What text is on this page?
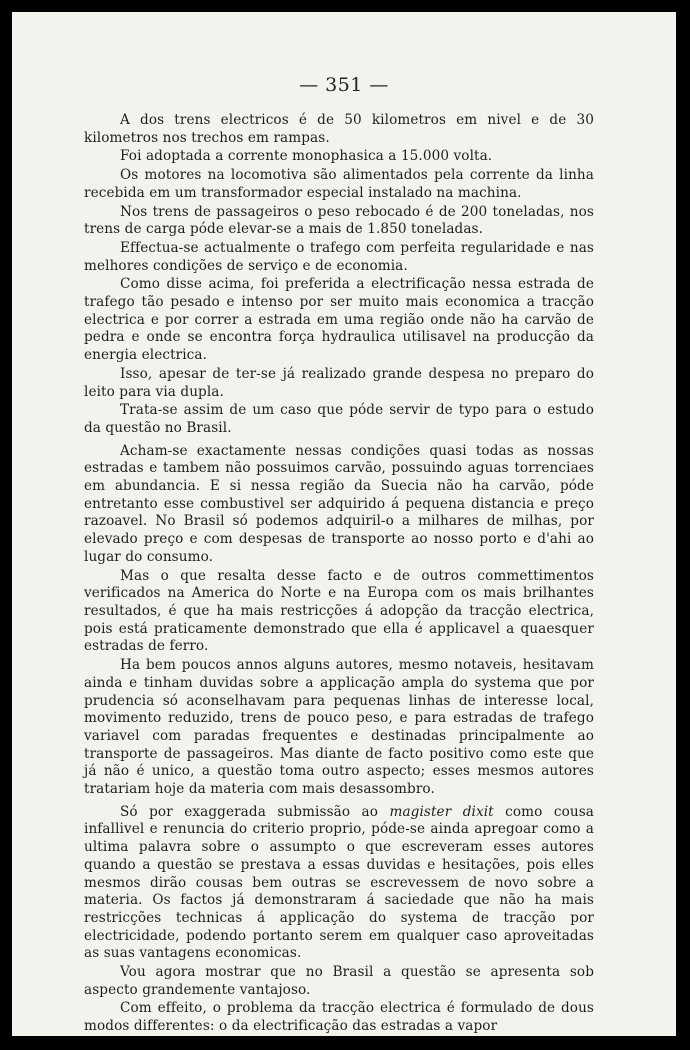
— 351 —

A dos trens electricos é de 50 kilometros em nivel e de 30 kilometros nos trechos em rampas.

Foi adoptada a corrente monophasica a 15.000 volta.

Os motores na locomotiva são alimentados pela corrente da linha recebida em um transformador especial instalado na machina.

Nos trens de passageiros o peso rebocado é de 200 toneladas, nos trens de carga póde elevar-se a mais de 1.850 toneladas.

Effectua-se actualmente o trafego com perfeita regularidade e nas melhores condições de serviço e de economia.

Como disse acima, foi preferida a electrificação nessa estrada de trafego tão pesado e intenso por ser muito mais economica a tracção electrica e por correr a estrada em uma região onde não ha carvão de pedra e onde se encontra força hydraulica utilisavel na producção da energia electrica.

Isso, apesar de ter-se já realizado grande despesa no preparo do leito para via dupla.

Trata-se assim de um caso que póde servir de typo para o estudo da questão no Brasil.

Acham-se exactamente nessas condições quasi todas as nossas estradas e tambem não possuimos carvão, possuindo aguas torrenciaes em abundancia. E si nessa região da Suecia não ha carvão, póde entretanto esse combustivel ser adquirido á pequena distancia e preço razoavel. No Brasil só podemos adquiril-o a milhares de milhas, por elevado preço e com despesas de transporte ao nosso porto e d'ahi ao lugar do consumo.

Mas o que resalta desse facto e de outros commettimentos verificados na America do Norte e na Europa com os mais brilhantes resultados, é que ha mais restricções á adopção da tracção electrica, pois está praticamente demonstrado que ella é applicavel a quaesquer estradas de ferro.

Ha bem poucos annos alguns autores, mesmo notaveis, hesitavam ainda e tinham duvidas sobre a applicação ampla do systema que por prudencia só aconselhavam para pequenas linhas de interesse local, movimento reduzido, trens de pouco peso, e para estradas de trafego variavel com paradas frequentes e destinadas principalmente ao transporte de passageiros. Mas diante de facto positivo como este que já não é unico, a questão toma outro aspecto; esses mesmos autores tratariam hoje da materia com mais desassombro.

Só por exaggerada submissão ao magister dixit como cousa infallivel e renuncia do criterio proprio, póde-se ainda apregoar como a ultima palavra sobre o assumpto o que escreveram esses autores quando a questão se prestava a essas duvidas e hesitações, pois elles mesmos dirão cousas bem outras se escrevessem de novo sobre a materia. Os factos já demonstraram á saciedade que não ha mais restricções technicas á applicação do systema de tracção por electricidade, podendo portanto serem em qualquer caso aproveitadas as suas vantagens economicas.

Vou agora mostrar que no Brasil a questão se apresenta sob aspecto grandemente vantajoso.

Com effeito, o problema da tracção electrica é formulado de dous modos differentes: o da electrificação das estradas a vapor
